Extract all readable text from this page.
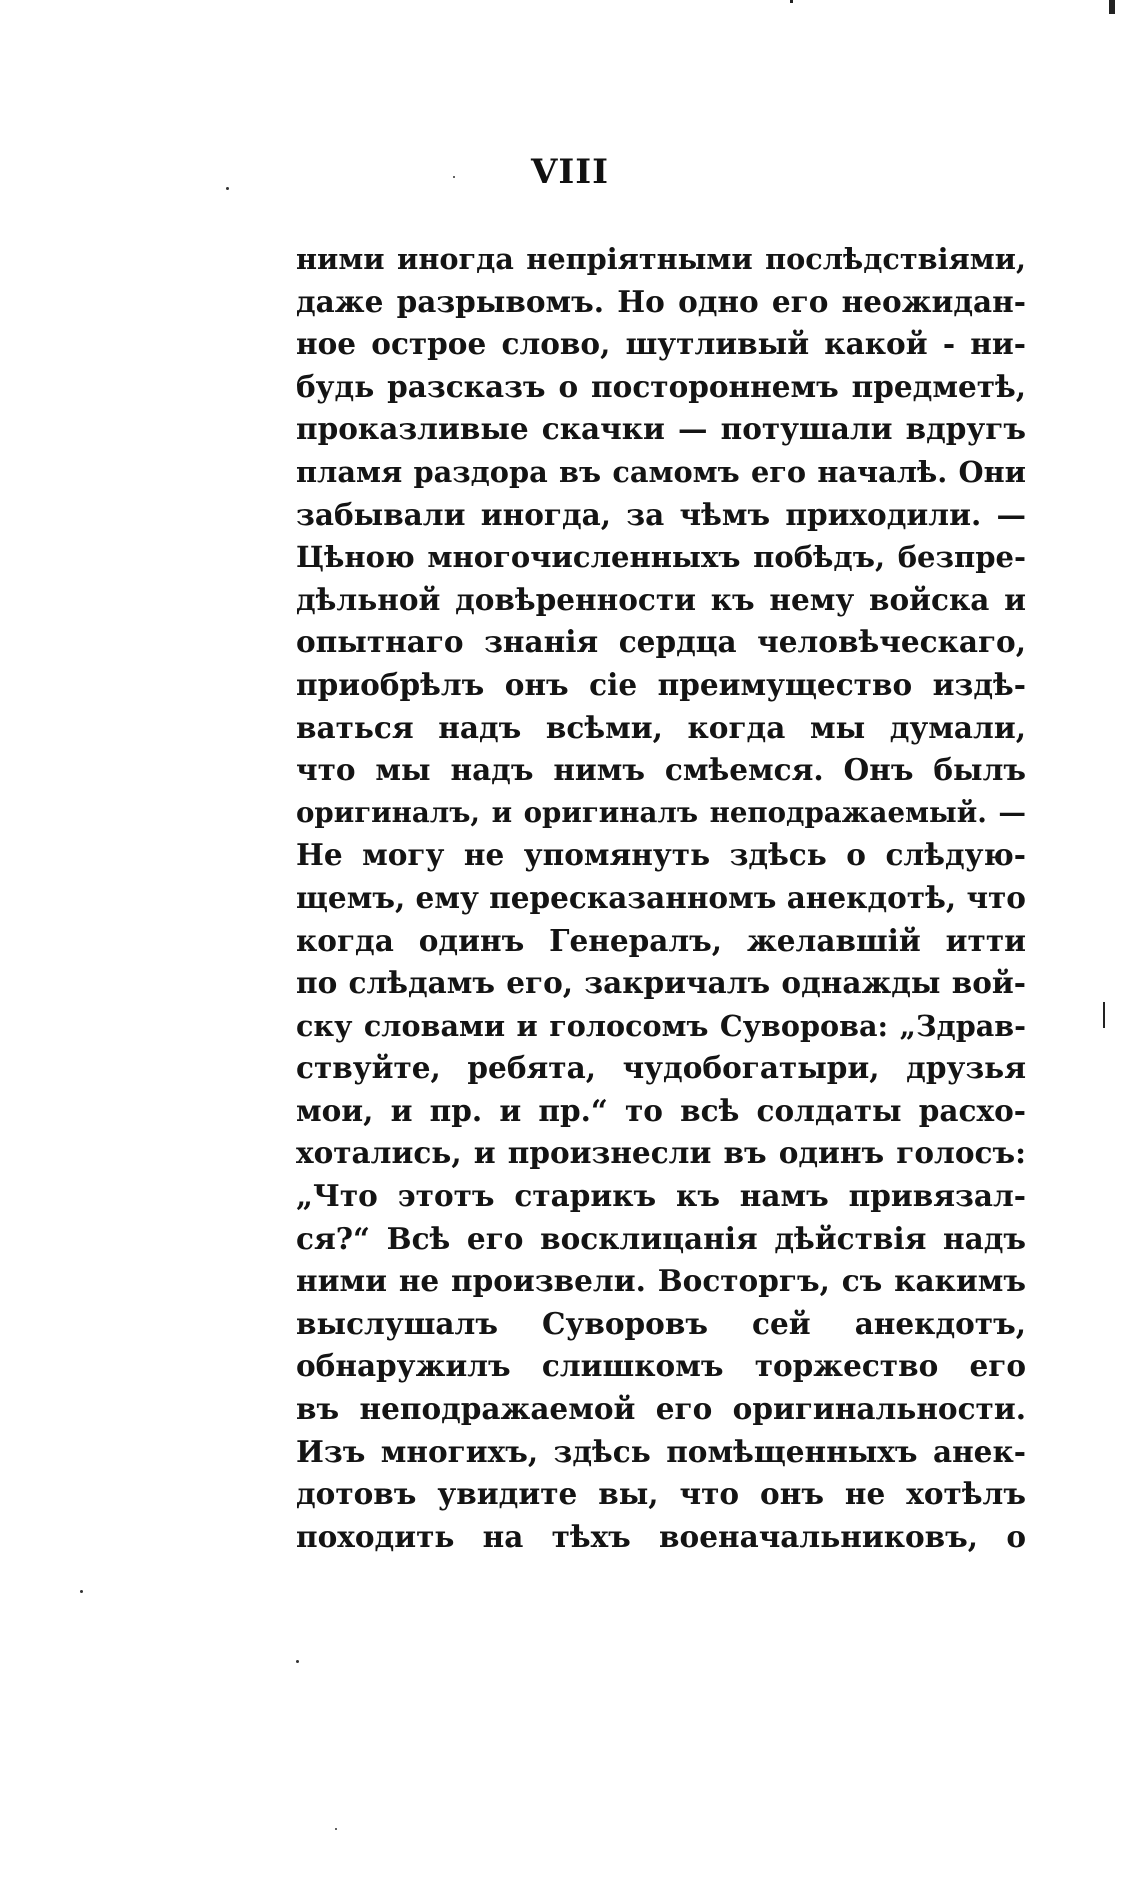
VIII
ними иногда непріятными послѣдствіями,
даже разрывомъ. Но одно его неожидан-
ное острое слово, шутливый какой - ни-
будь разсказъ о постороннемъ предметѣ,
проказливые скачки — потушали вдругъ
пламя раздора въ самомъ его началѣ. Они
забывали иногда, за чѣмъ приходили. —
Цѣною многочисленныхъ побѣдъ, безпре-
дѣльной довѣренности къ нему войска и
опытнаго знанія сердца человѣческаго,
приобрѣлъ онъ сіе преимущество издѣ-
ваться надъ всѣми, когда мы думали,
что мы надъ нимъ смѣемся. Онъ былъ
оригиналъ, и оригиналъ неподражаемый. —
Не могу не упомянуть здѣсь о слѣдую-
щемъ, ему пересказанномъ анекдотѣ, что
когда одинъ Генералъ, желавшій итти
по слѣдамъ его, закричалъ однажды вой-
ску словами и голосомъ Суворова: „Здрав-
ствуйте, ребята, чудобогатыри, друзья
мои, и пр. и пр.“ то всѣ солдаты расхо-
хотались, и произнесли въ одинъ голосъ:
„Что этотъ старикъ къ намъ привязал-
ся?“ Всѣ его восклицанія дѣйствія надъ
ними не произвели. Восторгъ, съ какимъ
выслушалъ Суворовъ сей анекдотъ,
обнаружилъ слишкомъ торжество его
въ неподражаемой его оригинальности.
Изъ многихъ, здѣсь помѣщенныхъ анек-
дотовъ увидите вы, что онъ не хотѣлъ
походить на тѣхъ военачальниковъ, о
